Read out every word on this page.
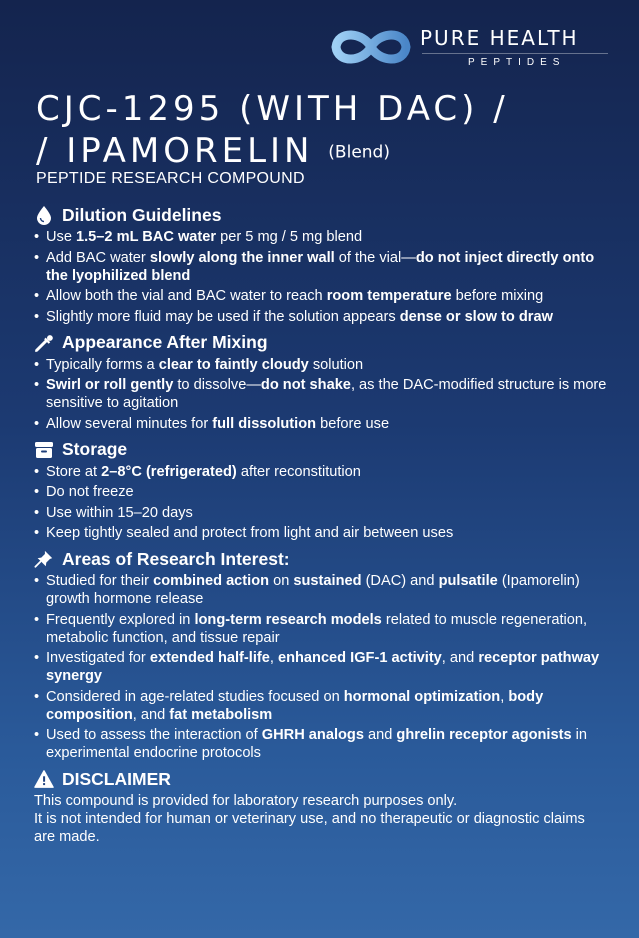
PURE HEALTH
PEPTIDES
CJC-1295 (WITH DAC) /
/ IPAMORELIN (Blend)
PEPTIDE RESEARCH COMPOUND
Dilution Guidelines
• Use 1.5–2 mL BAC water per 5 mg / 5 mg blend
• Add BAC water slowly along the inner wall of the vial—do not inject directly onto the lyophilized blend
• Allow both the vial and BAC water to reach room temperature before mixing
• Slightly more fluid may be used if the solution appears dense or slow to draw
Appearance After Mixing
• Typically forms a clear to faintly cloudy solution
• Swirl or roll gently to dissolve—do not shake, as the DAC-modified structure is more sensitive to agitation
• Allow several minutes for full dissolution before use
Storage
• Store at 2–8°C (refrigerated) after reconstitution
• Do not freeze
• Use within 15–20 days
• Keep tightly sealed and protect from light and air between uses
Areas of Research Interest:
• Studied for their combined action on sustained (DAC) and pulsatile (Ipamorelin) growth hormone release
• Frequently explored in long-term research models related to muscle regeneration, metabolic function, and tissue repair
• Investigated for extended half-life, enhanced IGF-1 activity, and receptor pathway synergy
• Considered in age-related studies focused on hormonal optimization, body composition, and fat metabolism
• Used to assess the interaction of GHRH analogs and ghrelin receptor agonists in experimental endocrine protocols
DISCLAIMER
This compound is provided for laboratory research purposes only.
It is not intended for human or veterinary use, and no therapeutic or diagnostic claims are made.
